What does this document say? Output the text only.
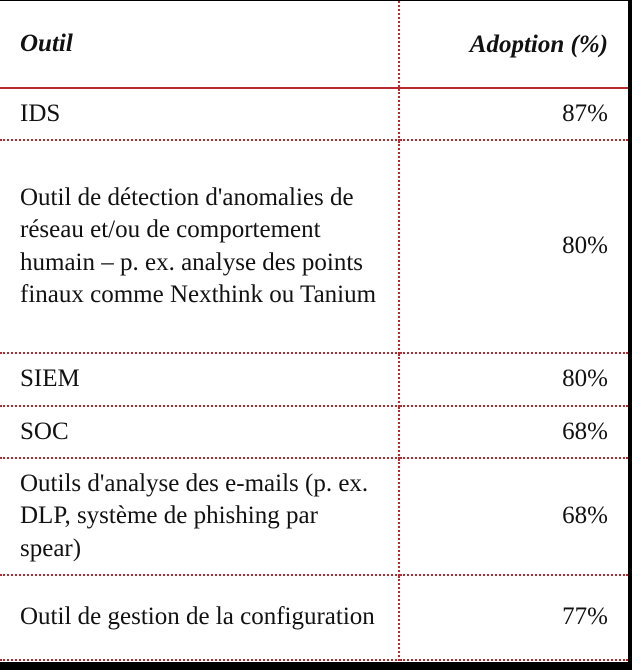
Outil	Adoption (%)
IDS	87%
Outil de détection d'anomalies de réseau et/ou de comportement humain – p. ex. analyse des points finaux comme Nexthink ou Tanium	80%
SIEM	80%
SOC	68%
Outils d'analyse des e-mails (p. ex. DLP, système de phishing par spear)	68%
Outil de gestion de la configuration	77%
